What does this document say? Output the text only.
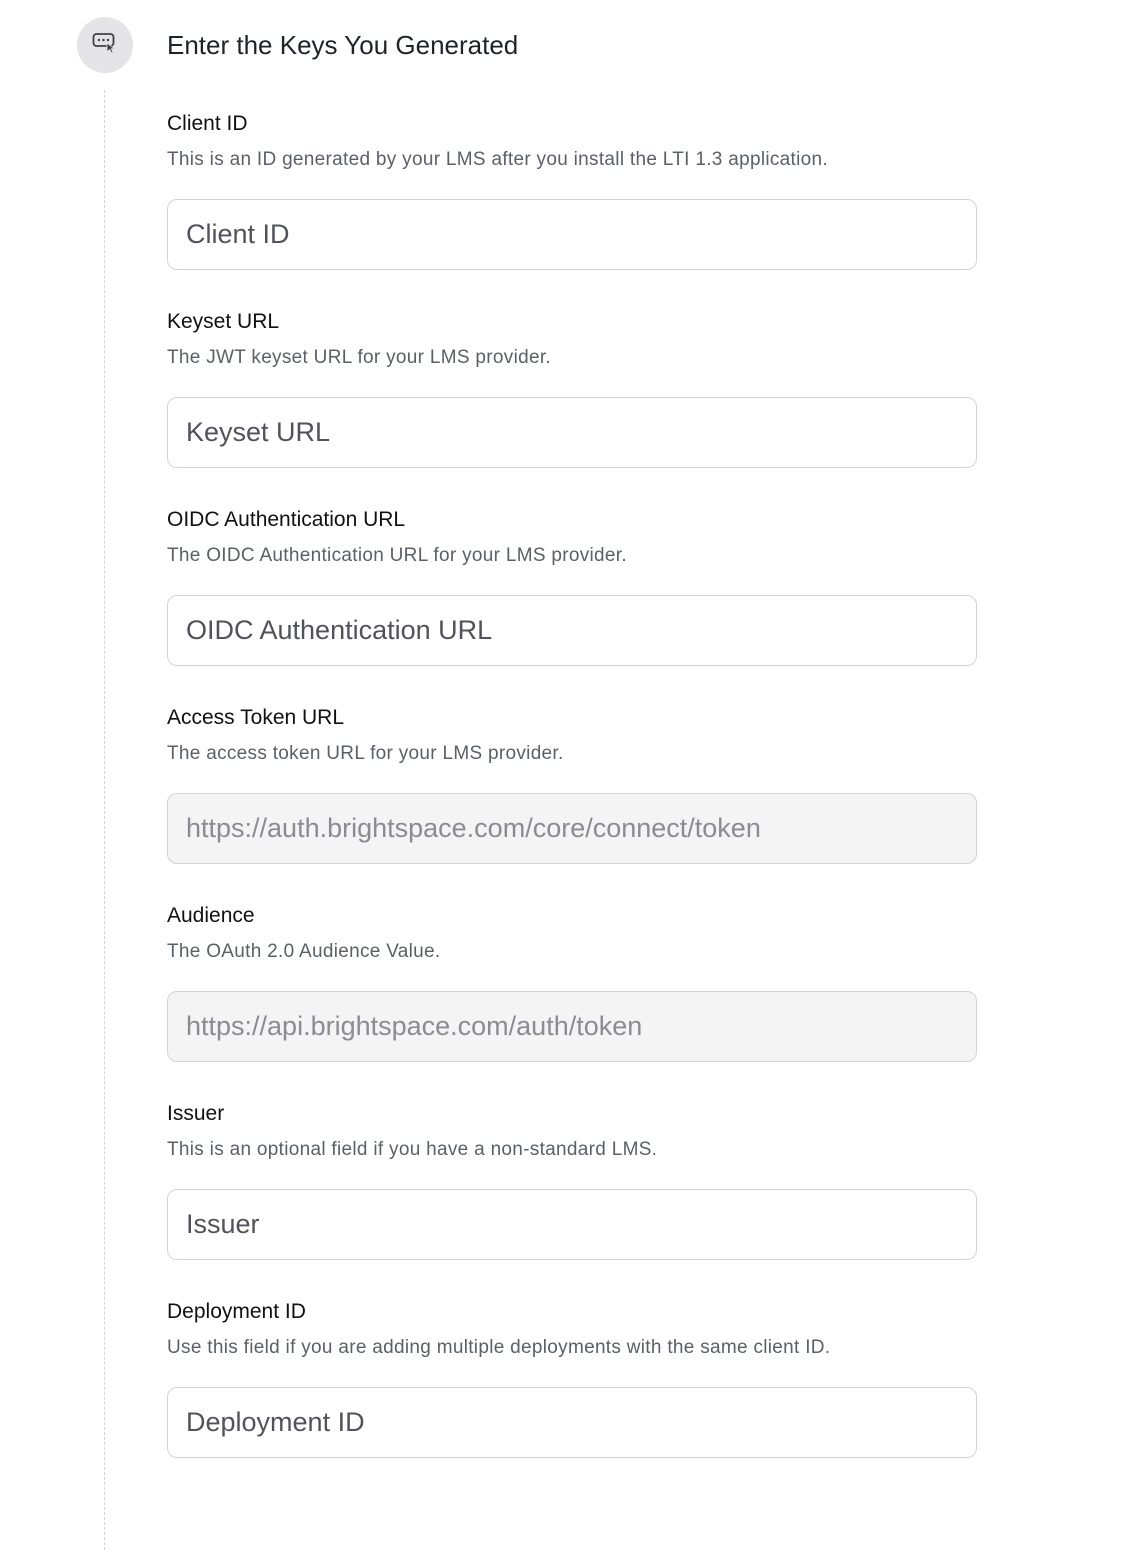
Enter the Keys You Generated
Client ID
This is an ID generated by your LMS after you install the LTI 1.3 application.
Client ID
Keyset URL
The JWT keyset URL for your LMS provider.
Keyset URL
OIDC Authentication URL
The OIDC Authentication URL for your LMS provider.
OIDC Authentication URL
Access Token URL
The access token URL for your LMS provider.
https://auth.brightspace.com/core/connect/token
Audience
The OAuth 2.0 Audience Value.
https://api.brightspace.com/auth/token
Issuer
This is an optional field if you have a non-standard LMS.
Issuer
Deployment ID
Use this field if you are adding multiple deployments with the same client ID.
Deployment ID
